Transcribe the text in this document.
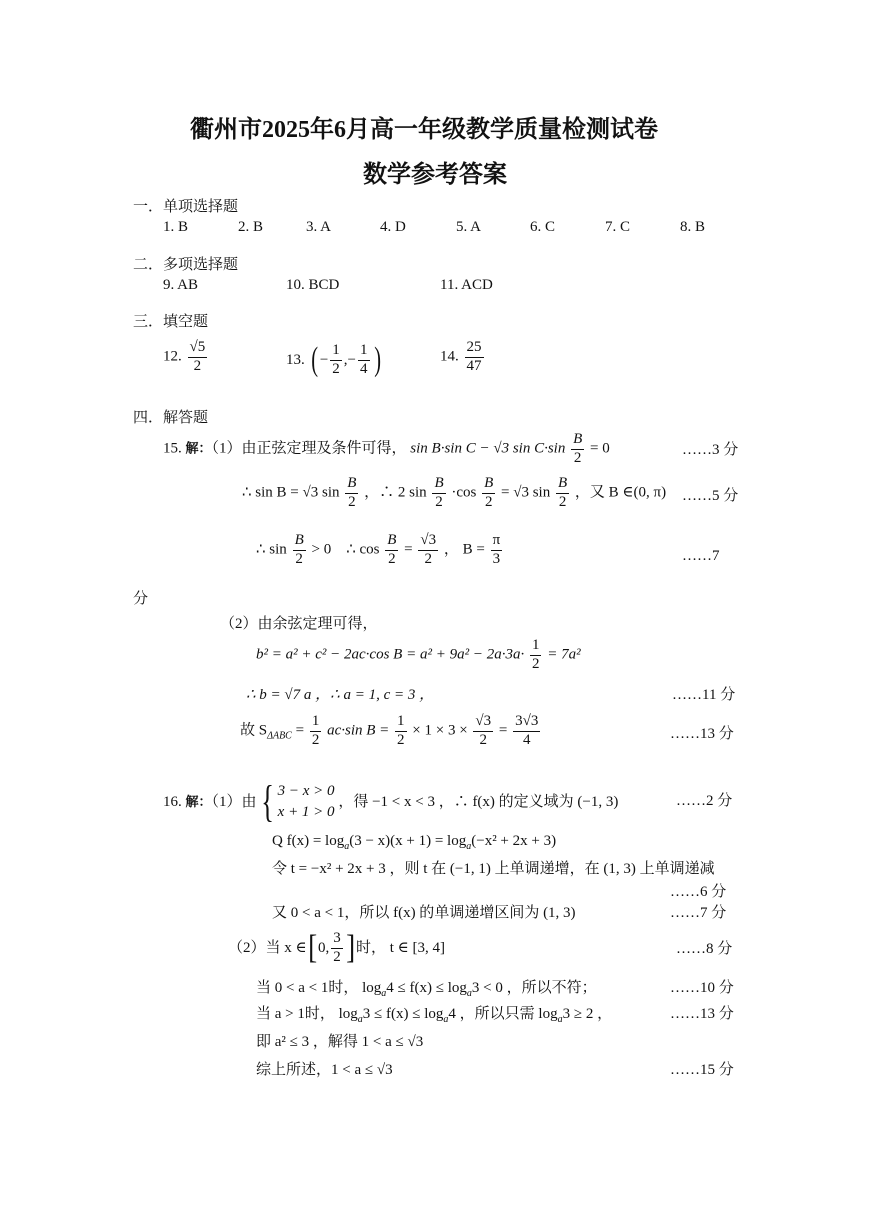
衢州市2025年6月高一年级教学质量检测试卷
数学参考答案
一．单项选择题
1. B	2. B	3. A	4. D	5. A	6. C	7. C	8. B
二．多项选择题
9. AB	10. BCD	11. ACD
三．填空题
12. $\frac{√5}{2}$	13. ( − $\frac{1}{2}$ ,− $\frac{1}{4}$ )	14. $\frac{25}{47}$
四．解答题
15. 解：（1）由正弦定理及条件可得， sin B·sin C − √3 $\sin C\cdot\sin \frac{B}{2} = 0$	……3 分
∴ sin B = √3 $\sin \frac{B}{2}$ ，∴ 2 $\sin \frac{B}{2} \cdot\cos \frac{B}{2} = √3$ $\sin \frac{B}{2}$ ，又 B ∈(0, π) ……5 分
∴ $\sin \frac{B}{2} > 0$ ∴ $\cos \frac{B}{2} = \frac{√3}{2}$ ， $B = \frac{\pi}{3}$	……7
分
（2）由余弦定理可得，
b² = a² + c² − 2ac·cos $B = a^2 + 9a^2 - 2a\cdot 3a\cdot \frac{1}{2} = 7a^2$
∴ b = √7 a ，∴ a = 1, c = 3 ，	……11 分
故 $S_{\Delta ABC} = \frac{1}{2} ac\cdot\sin$ $B = \frac{1}{2} \times 1 \times 3 \times \frac{√3}{2} = \frac{3√3}{4}$	……13 分
16. 解：（1）由{ 3 − x > 0
x + 1 > 0
，得 −1 < x < 3 ，∴ f(x) 的定义域为 (−1, 3)	……2 分
Q $f(x) = \log_a(3 - x)(x + 1) = \log_a(-x^2 + 2x + 3)$
令 t = −x² + 2x + 3 ，则 t 在 (−1, 1) 上单调递增，在 (1, 3) 上单调递减
……6 分
又 0 < a < 1，所以 f(x) 的单调递增区间为 (1, 3)	……7 分
（2）当 x ∈[0, $\frac{3}{2}$ ]时， t ∈ [3, 4]	……8 分
当 0 < a < 1时， $\log_a4 \le f(x) \le \log_a3 < 0$ ，所以不符；	……10 分
当 a > 1时， $\log_a3 \le f(x) \le \log_a4$ ，所以只需 $\log_a3 \ge 2$ ，	……13 分
即 a² ≤ 3 ，解得 1 < a ≤ √3
综上所述，1 < a ≤ √3	……15 分
